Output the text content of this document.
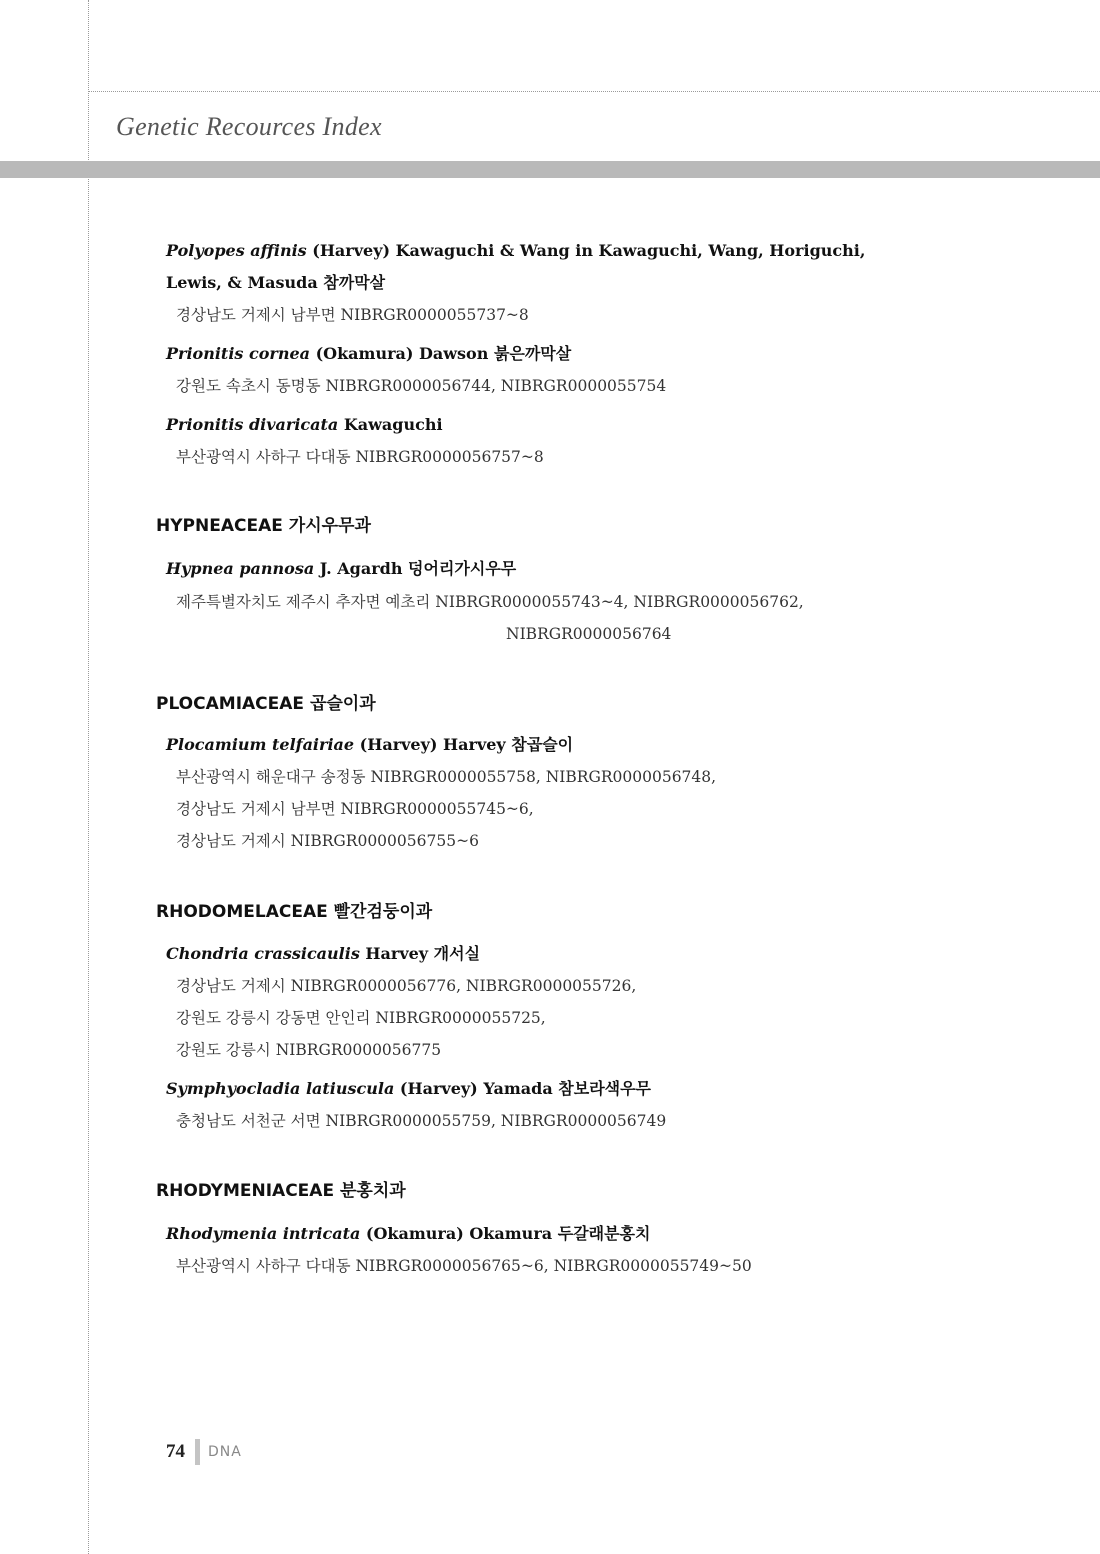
Genetic Recources Index
Polyopes affinis (Harvey) Kawaguchi & Wang in Kawaguchi, Wang, Horiguchi,
Lewis, & Masuda 참까막살
경상남도 거제시 남부면 NIBRGR0000055737~8
Prionitis cornea (Okamura) Dawson 붉은까막살
강원도 속초시 동명동 NIBRGR0000056744, NIBRGR0000055754
Prionitis divaricata Kawaguchi
부산광역시 사하구 다대동 NIBRGR0000056757~8
HYPNEACEAE 가시우무과
Hypnea pannosa J. Agardh 덩어리가시우무
제주특별자치도 제주시 추자면 예초리 NIBRGR0000055743~4, NIBRGR0000056762,
NIBRGR0000056764
PLOCAMIACEAE 곱슬이과
Plocamium telfairiae (Harvey) Harvey 참곱슬이
부산광역시 해운대구 송정동 NIBRGR0000055758, NIBRGR0000056748,
경상남도 거제시 남부면 NIBRGR0000055745~6,
경상남도 거제시 NIBRGR0000056755~6
RHODOMELACEAE 빨간검둥이과
Chondria crassicaulis Harvey 개서실
경상남도 거제시 NIBRGR0000056776, NIBRGR0000055726,
강원도 강릉시 강동면 안인리 NIBRGR0000055725,
강원도 강릉시 NIBRGR0000056775
Symphyocladia latiuscula (Harvey) Yamada 참보라색우무
충청남도 서천군 서면 NIBRGR0000055759, NIBRGR0000056749
RHODYMENIACEAE 분홍치과
Rhodymenia intricata (Okamura) Okamura 두갈래분홍치
부산광역시 사하구 다대동 NIBRGR0000056765~6, NIBRGR0000055749~50
74 DNA
